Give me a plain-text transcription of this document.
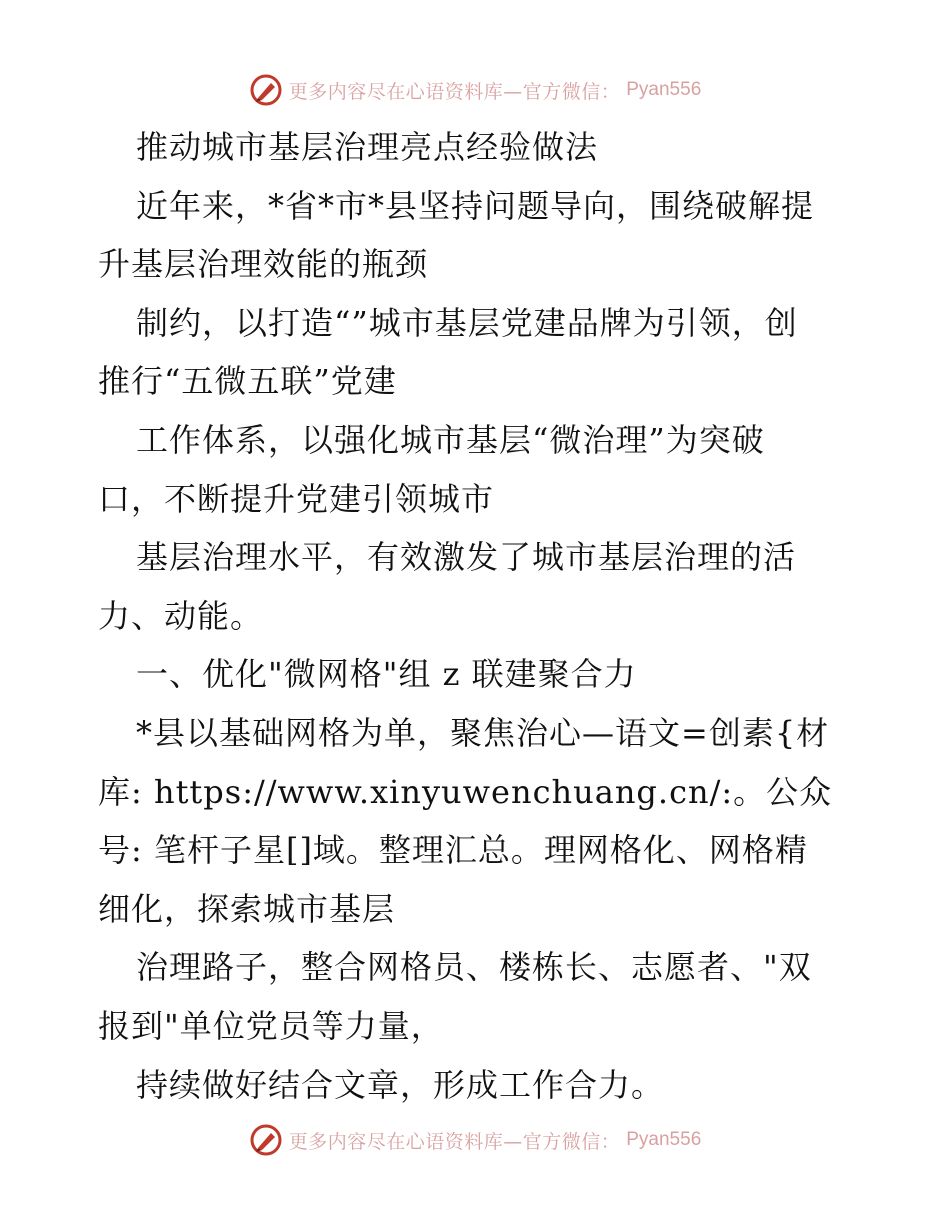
更多内容尽在心语资料库—官方微信： Pyan556
推动城市基层治理亮点经验做法
近年来，*省*市*县坚持问题导向，围绕破解提
升基层治理效能的瓶颈
制约，以打造“”城市基层党建品牌为引领，创
推行“五微五联”党建
工作体系，以强化城市基层“微治理”为突破
口，不断提升党建引领城市
基层治理水平，有效激发了城市基层治理的活
力、动能。
一、优化"微网格"组 z 联建聚合力
*县以基础网格为单，聚焦治心—语文=创素{材
库: https://www.xinyuwenchuang.cn/:。公众
号: 笔杆子星[]域。整理汇总。理网格化、网格精
细化，探索城市基层
治理路子，整合网格员、楼栋长、志愿者、"双
报到"单位党员等力量，
持续做好结合文章，形成工作合力。
更多内容尽在心语资料库—官方微信： Pyan556
